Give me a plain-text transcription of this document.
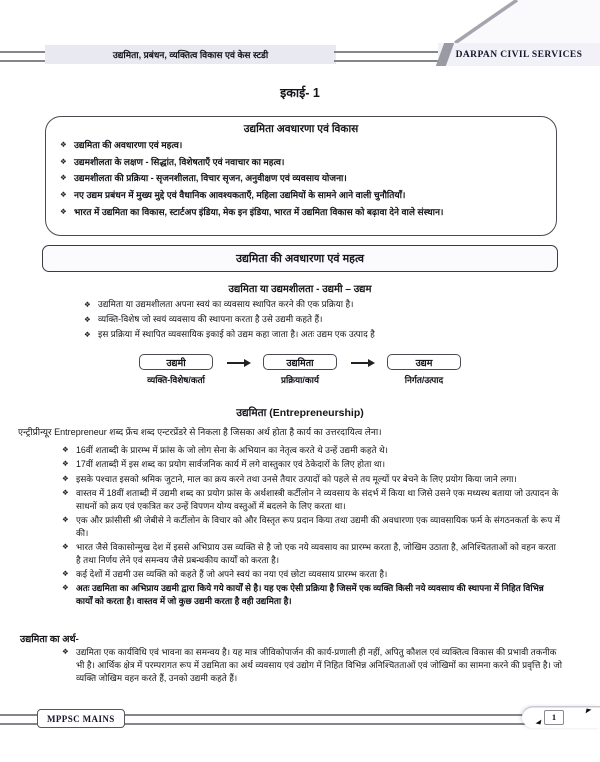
उद्यमिता, प्रबंधन, व्यक्तित्व विकास एवं केस स्टडी	DARPAN CIVIL SERVICES
इकाई- 1
उद्यमिता अवधारणा एवं विकास
❖ उद्यमिता की अवधारणा एवं महत्व।
❖ उद्यमशीलता के लक्षण - सिद्धांत, विशेषताएँ एवं नवाचार का महत्व।
❖ उद्यमशीलता की प्रक्रिया - सृजनशीलता, विचार सृजन, अनुवीक्षण एवं व्यवसाय योजना।
❖ नए उद्यम प्रबंधन में मुख्य मुद्दे एवं वैधानिक आवश्यकताएँ, महिला उद्यमियों के सामने आने वाली चुनौतियाँ।
❖ भारत में उद्यमिता का विकास, स्टार्टअप इंडिया, मेक इन इंडिया, भारत में उद्यमिता विकास को बढ़ावा देने वाले संस्थान।
उद्यमिता की अवधारणा एवं महत्व
उद्यमिता या उद्यमशीलता - उद्यमी – उद्यम
❖ उद्यमिता या उद्यमशीलता अपना स्वयं का व्यवसाय स्थापित करने की एक प्रक्रिया है।
❖ व्यक्ति-विशेष जो स्वयं व्यवसाय की स्थापना करता है उसे उद्यमी कहते हैं।
❖ इस प्रक्रिया में स्थापित व्यवसायिक इकाई को उद्यम कहा जाता है। अतः उद्यम एक उत्पाद है
उद्यमी
व्यक्ति-विशेष/कर्ता
उद्यमिता
प्रक्रिया/कार्य
उद्यम
निर्गत/उत्पाद
उद्यमिता (Entrepreneurship)
एन्ट्रीप्रीन्यूर Entrepreneur शब्द फ्रेंच शब्द एन्टरप्रेंडरे से निकला है जिसका अर्थ होता है कार्य का उत्तरदायित्व लेना।
❖ 16वीं शताब्दी के प्रारम्भ में फ्रांस के जो लोग सेना के अभियान का नेतृत्व करते थे उन्हें उद्यमी कहते थे।
❖ 17वीं शताब्दी में इस शब्द का प्रयोग सार्वजनिक कार्य में लगे वास्तुकार एवं ठेकेदारों के लिए होता था।
❖ इसके पश्चात इसको श्रमिक जुटाने, माल का क्रय करने तथा उनसे तैयार उत्पादों को पहले से तय मूल्यों पर बेचने के लिए प्रयोग किया जाने लगा।
❖ वास्तव में 18वीं शताब्दी में उद्यमी शब्द का प्रयोग फ्रांस के अर्थशास्त्री कर्टीलोन ने व्यवसाय के संदर्भ में किया था जिसे उसने एक मध्यस्थ बताया जो उत्पादन के साधनों को क्रय एवं एकत्रित कर उन्हें विपणन योग्य वस्तुओं में बदलने के लिए करता था।
❖ एक और फ्रांसीसी श्री जेबीसे ने कर्टीलोन के विचार को और विस्तृत रूप प्रदान किया तथा उद्यमी की अवधारणा एक व्यावसायिक फर्म के संगठनकर्ता के रूप में की।
❖ भारत जैसे विकासोन्मुख देश में इससे अभिप्राय उस व्यक्ति से है जो एक नये व्यवसाय का प्रारम्भ करता है, जोखिम उठाता है, अनिश्चितताओं को वहन करता है तथा निर्णय लेने एवं समन्वय जैसे प्रबन्धकीय कार्यों को करता है।
❖ कई देशों में उद्यमी उस व्यक्ति को कहते हैं जो अपने स्वयं का नया एवं छोटा व्यवसाय प्रारम्भ करता है।
❖ अतः उद्यमिता का अभिप्राय उद्यमी द्वारा किये गये कार्यों से है। यह एक ऐसी प्रक्रिया है जिसमें एक व्यक्ति किसी नये व्यवसाय की स्थापना में निहित विभिन्न कार्यों को करता है। वास्तव में जो कुछ उद्यमी करता है वही उद्यमिता है।
उद्यमिता का अर्थ-
❖ उद्यमिता एक कार्यविधि एवं भावना का समन्वय है। यह मात्र जीविकोपार्जन की कार्य-प्रणाली ही नहीं, अपितु कौशल एवं व्यक्तित्व विकास की प्रभावी तकनीक भी है। आर्थिक क्षेत्र में परम्परागत रूप में उद्यमिता का अर्थ व्यवसाय एवं उद्योग में निहित विभिन्न अनिश्चितताओं एवं जोखिमों का सामना करने की प्रवृत्ति है। जो व्यक्ति जोखिम वहन करते हैं, उनको उद्यमी कहते हैं।
MPPSC MAINS	1
